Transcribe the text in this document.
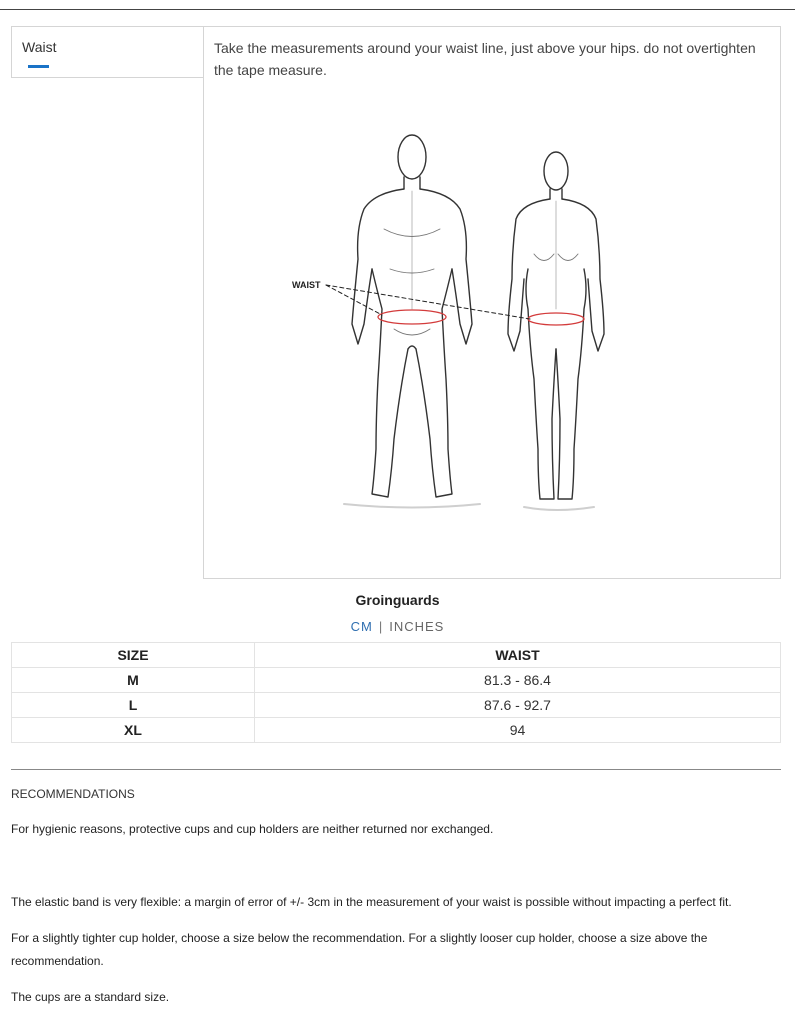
Waist	Take the measurements around your waist line, just above your hips. do not overtighten the tape measure.
WAIST
Groinguards
CM | INCHES
SIZE	WAIST
M	81.3 - 86.4
L	87.6 - 92.7
XL	94
RECOMMENDATIONS
For hygienic reasons, protective cups and cup holders are neither returned nor exchanged.
The elastic band is very flexible: a margin of error of +/- 3cm in the measurement of your waist is possible without impacting a perfect fit.
For a slightly tighter cup holder, choose a size below the recommendation. For a slightly looser cup holder, choose a size above the recommendation.
The cups are a standard size.
